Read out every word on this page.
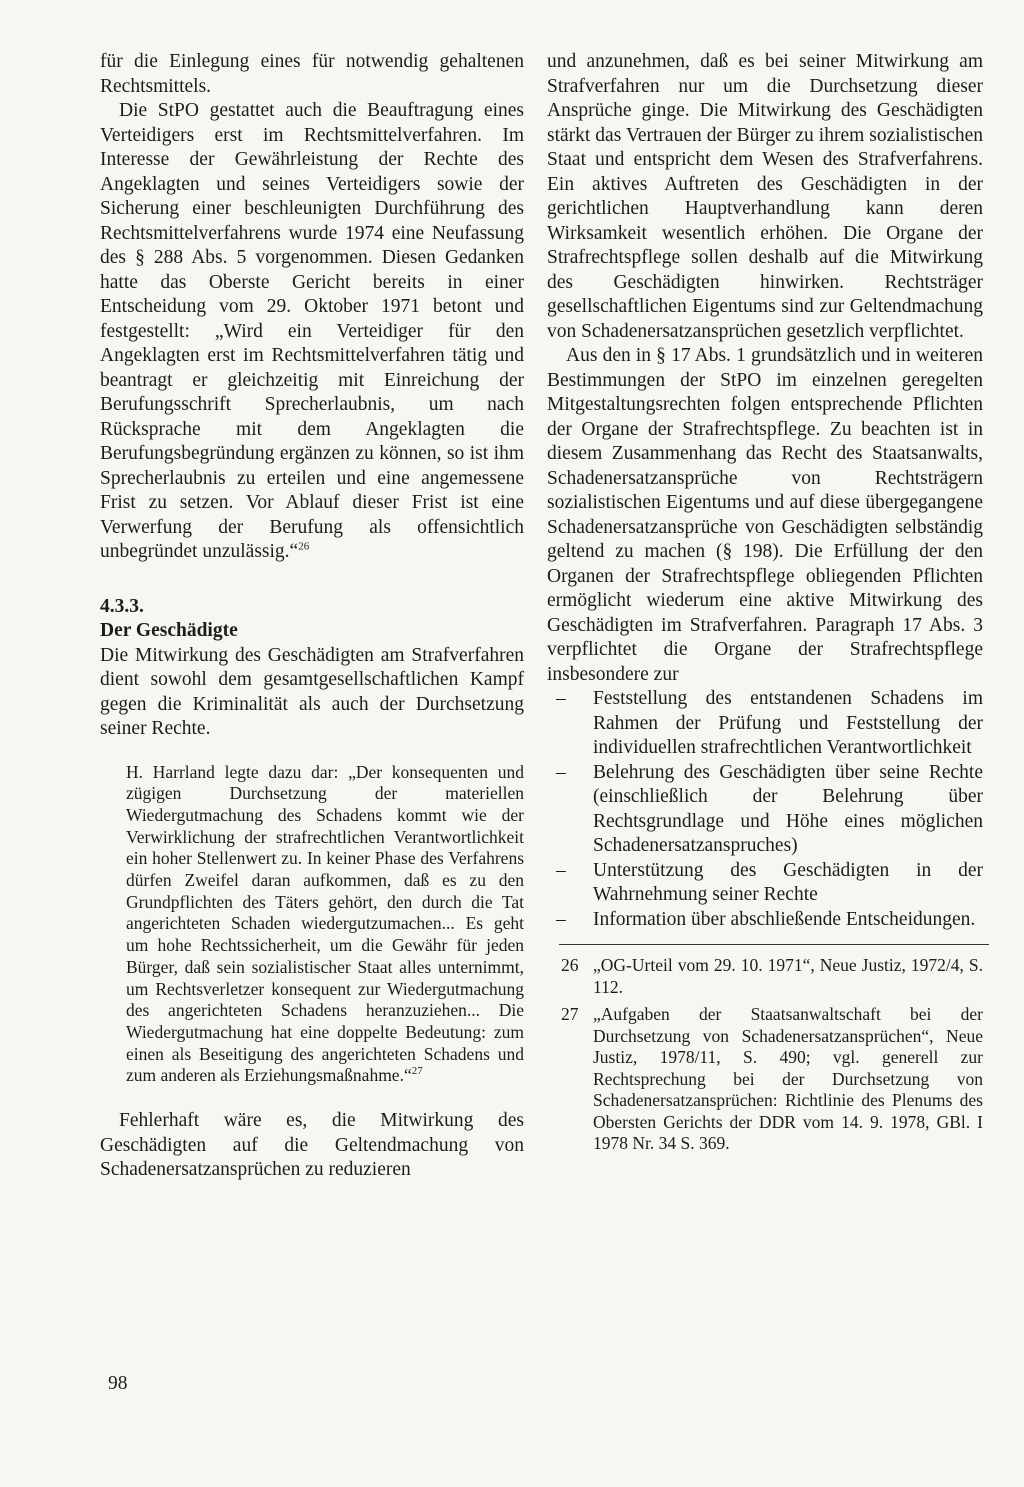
für die Einlegung eines für notwendig gehaltenen Rechtsmittels.

Die StPO gestattet auch die Beauftragung eines Verteidigers erst im Rechtsmittelverfahren. Im Interesse der Gewährleistung der Rechte des Angeklagten und seines Verteidigers sowie der Sicherung einer beschleunigten Durchführung des Rechtsmittelverfahrens wurde 1974 eine Neufassung des § 288 Abs. 5 vorgenommen. Diesen Gedanken hatte das Oberste Gericht bereits in einer Entscheidung vom 29. Oktober 1971 betont und festgestellt: „Wird ein Verteidiger für den Angeklagten erst im Rechtsmittelverfahren tätig und beantragt er gleichzeitig mit Einreichung der Berufungsschrift Sprecherlaubnis, um nach Rücksprache mit dem Angeklagten die Berufungsbegründung ergänzen zu können, so ist ihm Sprecherlaubnis zu erteilen und eine angemessene Frist zu setzen. Vor Ablauf dieser Frist ist eine Verwerfung der Berufung als offensichtlich unbegründet unzulässig.“$^{26}$

4.3.3.
Der Geschädigte

Die Mitwirkung des Geschädigten am Strafverfahren dient sowohl dem gesamtgesellschaftlichen Kampf gegen die Kriminalität als auch der Durchsetzung seiner Rechte.

H. Harrland legte dazu dar: „Der konsequenten und zügigen Durchsetzung der materiellen Wiedergutmachung des Schadens kommt wie der Verwirklichung der strafrechtlichen Verantwortlichkeit ein hoher Stellenwert zu. In keiner Phase des Verfahrens dürfen Zweifel daran aufkommen, daß es zu den Grundpflichten des Täters gehört, den durch die Tat angerichteten Schaden wiedergutzumachen... Es geht um hohe Rechtssicherheit, um die Gewähr für jeden Bürger, daß sein sozialistischer Staat alles unternimmt, um Rechtsverletzer konsequent zur Wiedergutmachung des angerichteten Schadens heranzuziehen... Die Wiedergutmachung hat eine doppelte Bedeutung: zum einen als Beseitigung des angerichteten Schadens und zum anderen als Erziehungsmaßnahme.“$^{27}$

Fehlerhaft wäre es, die Mitwirkung des Geschädigten auf die Geltendmachung von Schadenersatzansprüchen zu reduzieren

und anzunehmen, daß es bei seiner Mitwirkung am Strafverfahren nur um die Durchsetzung dieser Ansprüche ginge. Die Mitwirkung des Geschädigten stärkt das Vertrauen der Bürger zu ihrem sozialistischen Staat und entspricht dem Wesen des Strafverfahrens. Ein aktives Auftreten des Geschädigten in der gerichtlichen Hauptverhandlung kann deren Wirksamkeit wesentlich erhöhen. Die Organe der Strafrechtspflege sollen deshalb auf die Mitwirkung des Geschädigten hinwirken. Rechtsträger gesellschaftlichen Eigentums sind zur Geltendmachung von Schadenersatzansprüchen gesetzlich verpflichtet.

Aus den in § 17 Abs. 1 grundsätzlich und in weiteren Bestimmungen der StPO im einzelnen geregelten Mitgestaltungsrechten folgen entsprechende Pflichten der Organe der Strafrechtspflege. Zu beachten ist in diesem Zusammenhang das Recht des Staatsanwalts, Schadenersatzansprüche von Rechtsträgern sozialistischen Eigentums und auf diese übergegangene Schadenersatzansprüche von Geschädigten selbständig geltend zu machen (§ 198). Die Erfüllung der den Organen der Strafrechtspflege obliegenden Pflichten ermöglicht wiederum eine aktive Mitwirkung des Geschädigten im Strafverfahren. Paragraph 17 Abs. 3 verpflichtet die Organe der Strafrechtspflege insbesondere zur

– Feststellung des entstandenen Schadens im Rahmen der Prüfung und Feststellung der individuellen strafrechtlichen Verantwortlichkeit
– Belehrung des Geschädigten über seine Rechte (einschließlich der Belehrung über Rechtsgrundlage und Höhe eines möglichen Schadenersatzanspruches)
– Unterstützung des Geschädigten in der Wahrnehmung seiner Rechte
– Information über abschließende Entscheidungen.
26 „OG-Urteil vom 29. 10. 1971“, Neue Justiz, 1972/4, S. 112.
27 „Aufgaben der Staatsanwaltschaft bei der Durchsetzung von Schadenersatzansprüchen“, Neue Justiz, 1978/11, S. 490; vgl. generell zur Rechtsprechung bei der Durchsetzung von Schadenersatzansprüchen: Richtlinie des Plenums des Obersten Gerichts der DDR vom 14. 9. 1978, GBl. I 1978 Nr. 34 S. 369.
98
